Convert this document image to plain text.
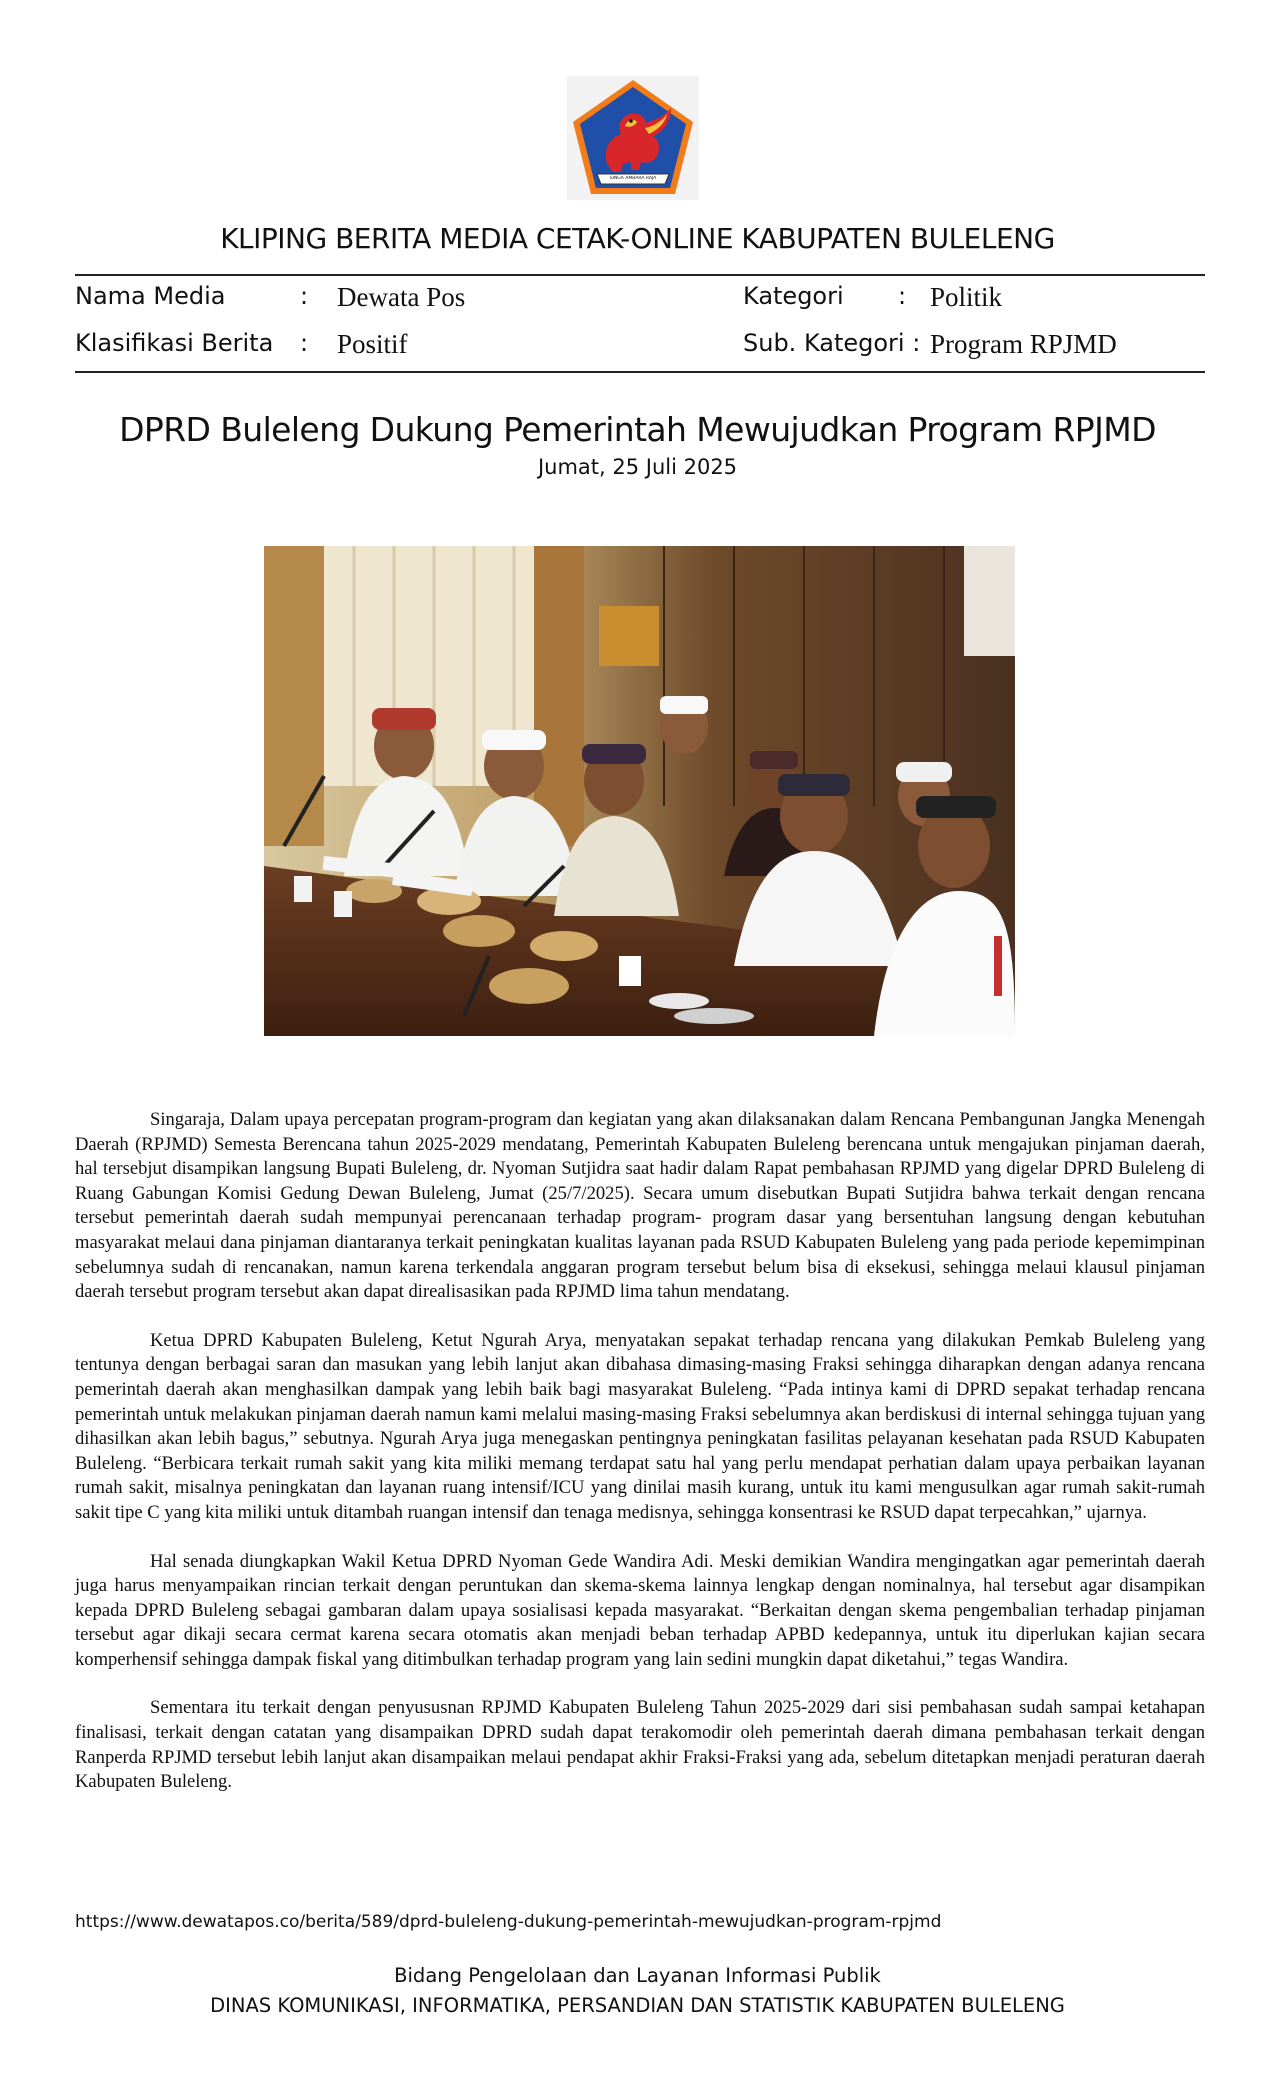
SINGA AMBARA RAJA
KLIPING BERITA MEDIA CETAK-ONLINE KABUPATEN BULELENG
Nama Media	: Dewata Pos
Klasifikasi Berita : Positif
Kategori : Politik
Sub. Kategori : Program RPJMD
DPRD Buleleng Dukung Pemerintah Mewujudkan Program RPJMD
Jumat, 25 Juli 2025

Singaraja, Dalam upaya percepatan program-program dan kegiatan yang akan dilaksanakan dalam Rencana Pembangunan Jangka Menengah Daerah (RPJMD) Semesta Berencana tahun 2025-2029 mendatang, Pemerintah Kabupaten Buleleng berencana untuk mengajukan pinjaman daerah, hal tersebjut disampikan langsung Bupati Buleleng, dr. Nyoman Sutjidra saat hadir dalam Rapat pembahasan RPJMD yang digelar DPRD Buleleng di Ruang Gabungan Komisi Gedung Dewan Buleleng, Jumat (25/7/2025). Secara umum disebutkan Bupati Sutjidra bahwa terkait dengan rencana tersebut pemerintah daerah sudah mempunyai perencanaan terhadap program- program dasar yang bersentuhan langsung dengan kebutuhan masyarakat melaui dana pinjaman diantaranya terkait peningkatan kualitas layanan pada RSUD Kabupaten Buleleng yang pada periode kepemimpinan sebelumnya sudah di rencanakan, namun karena terkendala anggaran program tersebut belum bisa di eksekusi, sehingga melaui klausul pinjaman daerah tersebut program tersebut akan dapat direalisasikan pada RPJMD lima tahun mendatang.

Ketua DPRD Kabupaten Buleleng, Ketut Ngurah Arya, menyatakan sepakat terhadap rencana yang dilakukan Pemkab Buleleng yang tentunya dengan berbagai saran dan masukan yang lebih lanjut akan dibahasa dimasing-masing Fraksi sehingga diharapkan dengan adanya rencana pemerintah daerah akan menghasilkan dampak yang lebih baik bagi masyarakat Buleleng. “Pada intinya kami di DPRD sepakat terhadap rencana pemerintah untuk melakukan pinjaman daerah namun kami melalui masing-masing Fraksi sebelumnya akan berdiskusi di internal sehingga tujuan yang dihasilkan akan lebih bagus,” sebutnya. Ngurah Arya juga menegaskan pentingnya peningkatan fasilitas pelayanan kesehatan pada RSUD Kabupaten Buleleng. “Berbicara terkait rumah sakit yang kita miliki memang terdapat satu hal yang perlu mendapat perhatian dalam upaya perbaikan layanan rumah sakit, misalnya peningkatan dan layanan ruang intensif/ICU yang dinilai masih kurang, untuk itu kami mengusulkan agar rumah sakit-rumah sakit tipe C yang kita miliki untuk ditambah ruangan intensif dan tenaga medisnya, sehingga konsentrasi ke RSUD dapat terpecahkan,” ujarnya.

Hal senada diungkapkan Wakil Ketua DPRD Nyoman Gede Wandira Adi. Meski demikian Wandira mengingatkan agar pemerintah daerah juga harus menyampaikan rincian terkait dengan peruntukan dan skema-skema lainnya lengkap dengan nominalnya, hal tersebut agar disampikan kepada DPRD Buleleng sebagai gambaran dalam upaya sosialisasi kepada masyarakat. “Berkaitan dengan skema pengembalian terhadap pinjaman tersebut agar dikaji secara cermat karena secara otomatis akan menjadi beban terhadap APBD kedepannya, untuk itu diperlukan kajian secara komperhensif sehingga dampak fiskal yang ditimbulkan terhadap program yang lain sedini mungkin dapat diketahui,” tegas Wandira.

Sementara itu terkait dengan penyususnan RPJMD Kabupaten Buleleng Tahun 2025-2029 dari sisi pembahasan sudah sampai ketahapan finalisasi, terkait dengan catatan yang disampaikan DPRD sudah dapat terakomodir oleh pemerintah daerah dimana pembahasan terkait dengan Ranperda RPJMD tersebut lebih lanjut akan disampaikan melaui pendapat akhir Fraksi-Fraksi yang ada, sebelum ditetapkan menjadi peraturan daerah Kabupaten Buleleng.

https://www.dewatapos.co/berita/589/dprd-buleleng-dukung-pemerintah-mewujudkan-program-rpjmd
Bidang Pengelolaan dan Layanan Informasi Publik
DINAS KOMUNIKASI, INFORMATIKA, PERSANDIAN DAN STATISTIK KABUPATEN BULELENG
